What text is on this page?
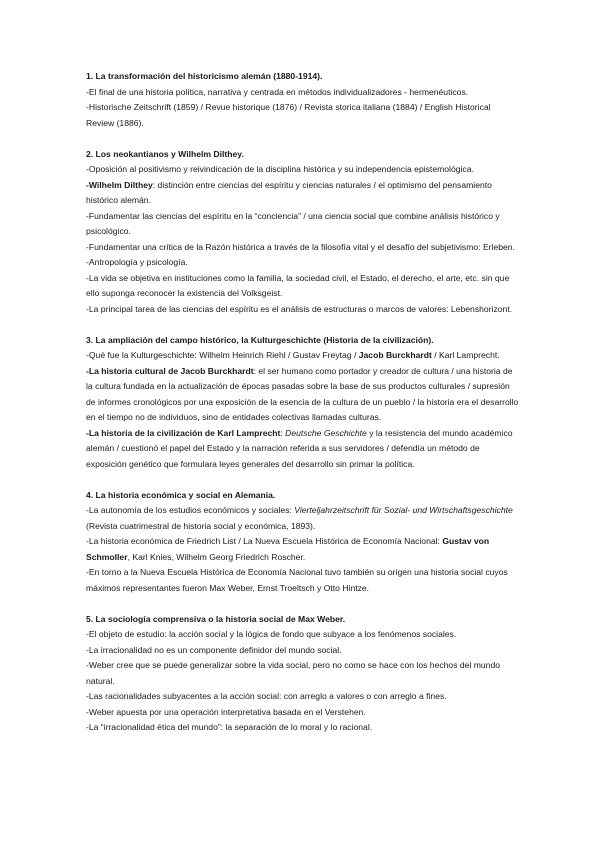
1. La transformación del historicismo alemán (1880-1914).

-El final de una historia política, narrativa y centrada en métodos individualizadores - hermenéuticos.

-Historische Zeitschrift (1859) / Revue historique (1876) / Revista storica italiana (1884) / English Historical Review (1886).

2. Los neokantianos y Wilhelm Dilthey.

-Oposición al positivismo y reivindicación de la disciplina histórica y su independencia epistemológica.

-Wilhelm Dilthey: distinción entre ciencias del espíritu y ciencias naturales / el optimismo del pensamiento histórico alemán.

-Fundamentar las ciencias del espíritu en la “conciencia” / una ciencia social que combine análisis histórico y psicológico.

-Fundamentar una crítica de la Razón histórica a través de la filosofía vital y el desafío del subjetivismo: Erleben.

-Antropología y psicología.

-La vida se objetiva en instituciones como la familia, la sociedad civil, el Estado, el derecho, el arte, etc. sin que ello suponga reconocer la existencia del Volksgeist.

-La principal tarea de las ciencias del espíritu es el análisis de estructuras o marcos de valores: Lebenshorizont.

3. La ampliación del campo histórico, la Kulturgeschichte (Historia de la civilización).

-Qué fue la Kulturgeschichte: Wilhelm Heinrich Riehl / Gustav Freytag / Jacob Burckhardt / Karl Lamprecht.

-La historia cultural de Jacob Burckhardt: el ser humano como portador y creador de cultura / una historia de la cultura fundada en la actualización de épocas pasadas sobre la base de sus productos culturales / supresión de informes cronológicos por una exposición de la esencia de la cultura de un pueblo / la historia era el desarrollo en el tiempo no de individuos, sino de entidades colectivas llamadas culturas.

-La historia de la civilización de Karl Lamprecht: Deutsche Geschichte y la resistencia del mundo académico alemán / cuestionó el papel del Estado y la narración referida a sus servidores / defendía un método de exposición genético que formulara leyes generales del desarrollo sin primar la política.

4. La historia económica y social en Alemania.

-La autonomía de los estudios económicos y sociales: Vierteljahrzeitschrift für Sozial- und Wirtschaftsgeschichte (Revista cuatrimestral de historia social y económica, 1893).

-La historia económica de Friedrich List / La Nueva Escuela Histórica de Economía Nacional: Gustav von Schmoller, Karl Knies, Wilhelm Georg Friedrich Roscher.

-En torno a la Nueva Escuela Histórica de Economía Nacional tuvo también su origen una historia social cuyos máximos representantes fueron Max Weber, Ernst Troeltsch y Otto Hintze.

5. La sociología comprensiva o la historia social de Max Weber.

-El objeto de estudio: la acción social y la lógica de fondo que subyace a los fenómenos sociales.

-La irracionalidad no es un componente definidor del mundo social.

-Weber cree que se puede generalizar sobre la vida social, pero no como se hace con los hechos del mundo natural.

-Las racionalidades subyacentes a la acción social: con arreglo a valores o con arreglo a fines.

-Weber apuesta por una operación interpretativa basada en el Verstehen.

-La “irracionalidad ética del mundo”: la separación de lo moral y lo racional.
